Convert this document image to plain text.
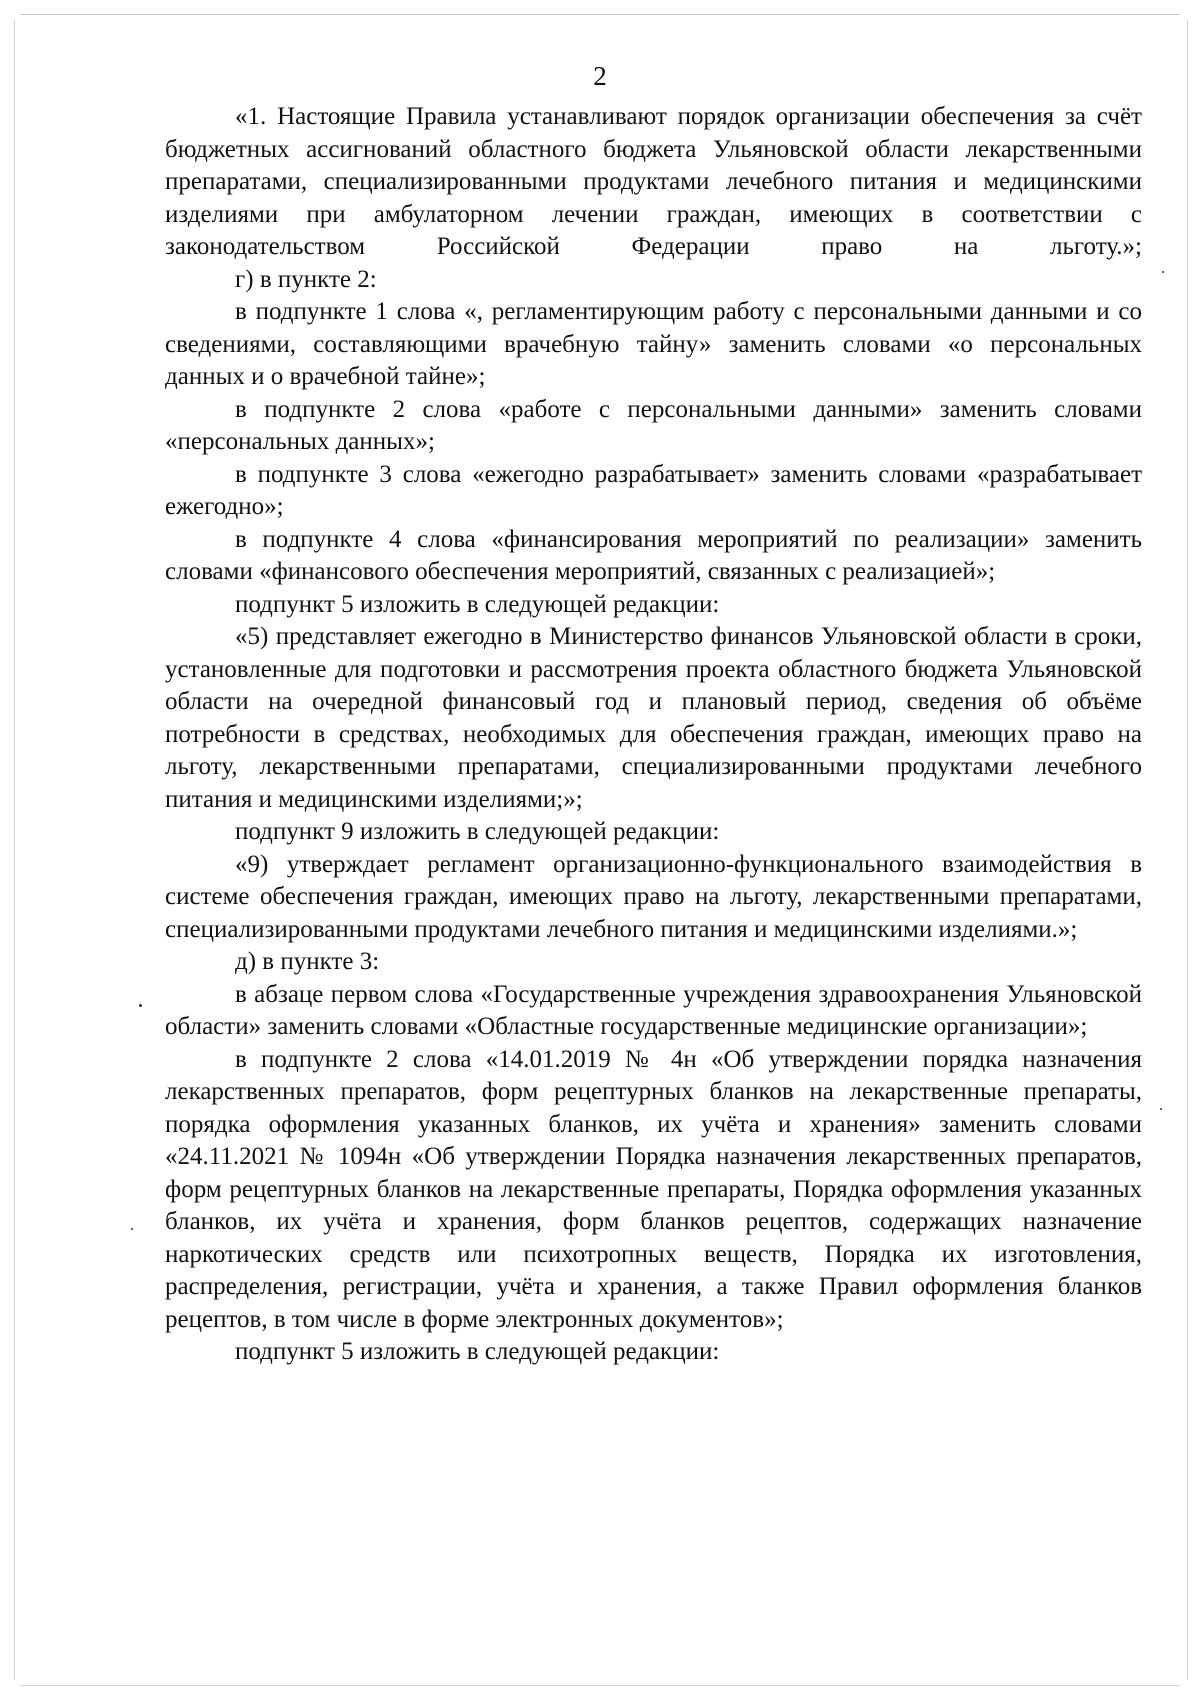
2

«1. Настоящие Правила устанавливают порядок организации обеспечения за счёт бюджетных ассигнований областного бюджета Ульяновской области лекарственными препаратами, специализированными продуктами лечебного питания и медицинскими изделиями при амбулаторном лечении граждан, имеющих в соответствии с законодательством Российской Федерации право на льготу.»;

г) в пункте 2:

в подпункте 1 слова «, регламентирующим работу с персональными данными и со сведениями, составляющими врачебную тайну» заменить словами «о персональных данных и о врачебной тайне»;

в подпункте 2 слова «работе с персональными данными» заменить словами «персональных данных»;

в подпункте 3 слова «ежегодно разрабатывает» заменить словами «разрабатывает ежегодно»;

в подпункте 4 слова «финансирования мероприятий по реализации» заменить словами «финансового обеспечения мероприятий, связанных с реализацией»;

подпункт 5 изложить в следующей редакции:

«5) представляет ежегодно в Министерство финансов Ульяновской области в сроки, установленные для подготовки и рассмотрения проекта областного бюджета Ульяновской области на очередной финансовый год и плановый период, сведения об объёме потребности в средствах, необходимых для обеспечения граждан, имеющих право на льготу, лекарственными препаратами, специализированными продуктами лечебного питания и медицинскими изделиями;»;

подпункт 9 изложить в следующей редакции:

«9) утверждает регламент организационно-функционального взаимодействия в системе обеспечения граждан, имеющих право на льготу, лекарственными препаратами, специализированными продуктами лечебного питания и медицинскими изделиями.»;

д) в пункте 3:

в абзаце первом слова «Государственные учреждения здравоохранения Ульяновской области» заменить словами «Областные государственные медицинские организации»;

в подпункте 2 слова «14.01.2019 № 4н «Об утверждении порядка назначения лекарственных препаратов, форм рецептурных бланков на лекарственные препараты, порядка оформления указанных бланков, их учёта и хранения» заменить словами «24.11.2021 № 1094н «Об утверждении Порядка назначения лекарственных препаратов, форм рецептурных бланков на лекарственные препараты, Порядка оформления указанных бланков, их учёта и хранения, форм бланков рецептов, содержащих назначение наркотических средств или психотропных веществ, Порядка их изготовления, распределения, регистрации, учёта и хранения, а также Правил оформления бланков рецептов, в том числе в форме электронных документов»;

подпункт 5 изложить в следующей редакции:
